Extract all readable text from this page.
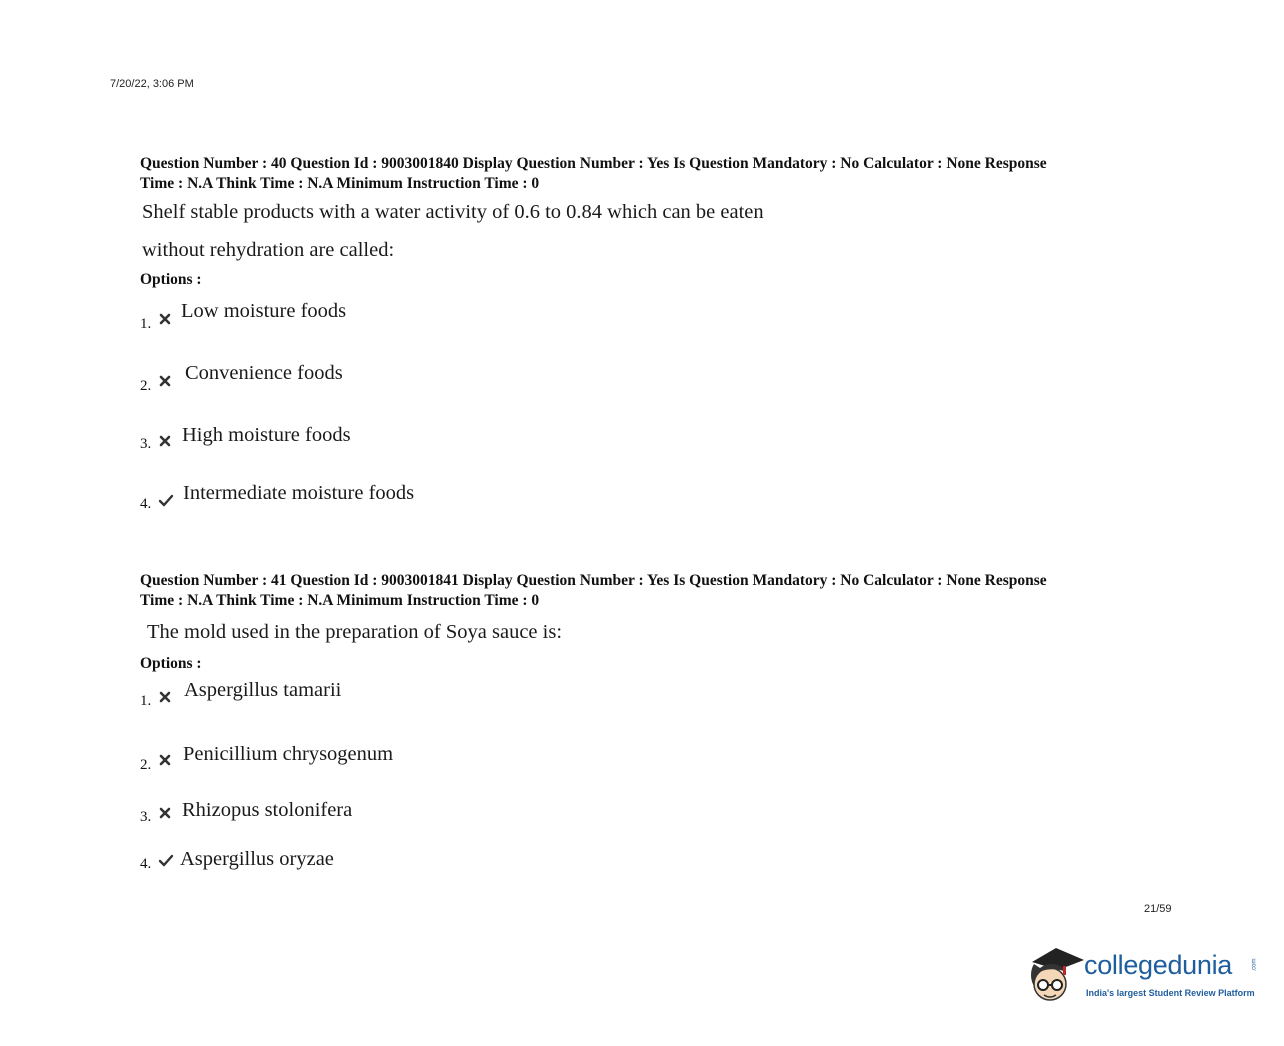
7/20/22, 3:06 PM

Question Number : 40 Question Id : 9003001840 Display Question Number : Yes Is Question Mandatory : No Calculator : None Response
Time : N.A Think Time : N.A Minimum Instruction Time : 0

Shelf stable products with a water activity of 0.6 to 0.84 which can be eaten
without rehydration are called:

Options :

1.
Low moisture foods
2.
Convenience foods
3. High moisture foods
4. Intermediate moisture foods

Question Number : 41 Question Id : 9003001841 Display Question Number : Yes Is Question Mandatory : No Calculator : None Response
Time : N.A Think Time : N.A Minimum Instruction Time : 0

The mold used in the preparation of Soya sauce is:

Options :

1. Aspergillus tamarii
2. Penicillium chrysogenum
3. Rhizopus stolonifera
4. Aspergillus oryzae
21/59
collegedunia	.com
India's largest Student Review Platform
